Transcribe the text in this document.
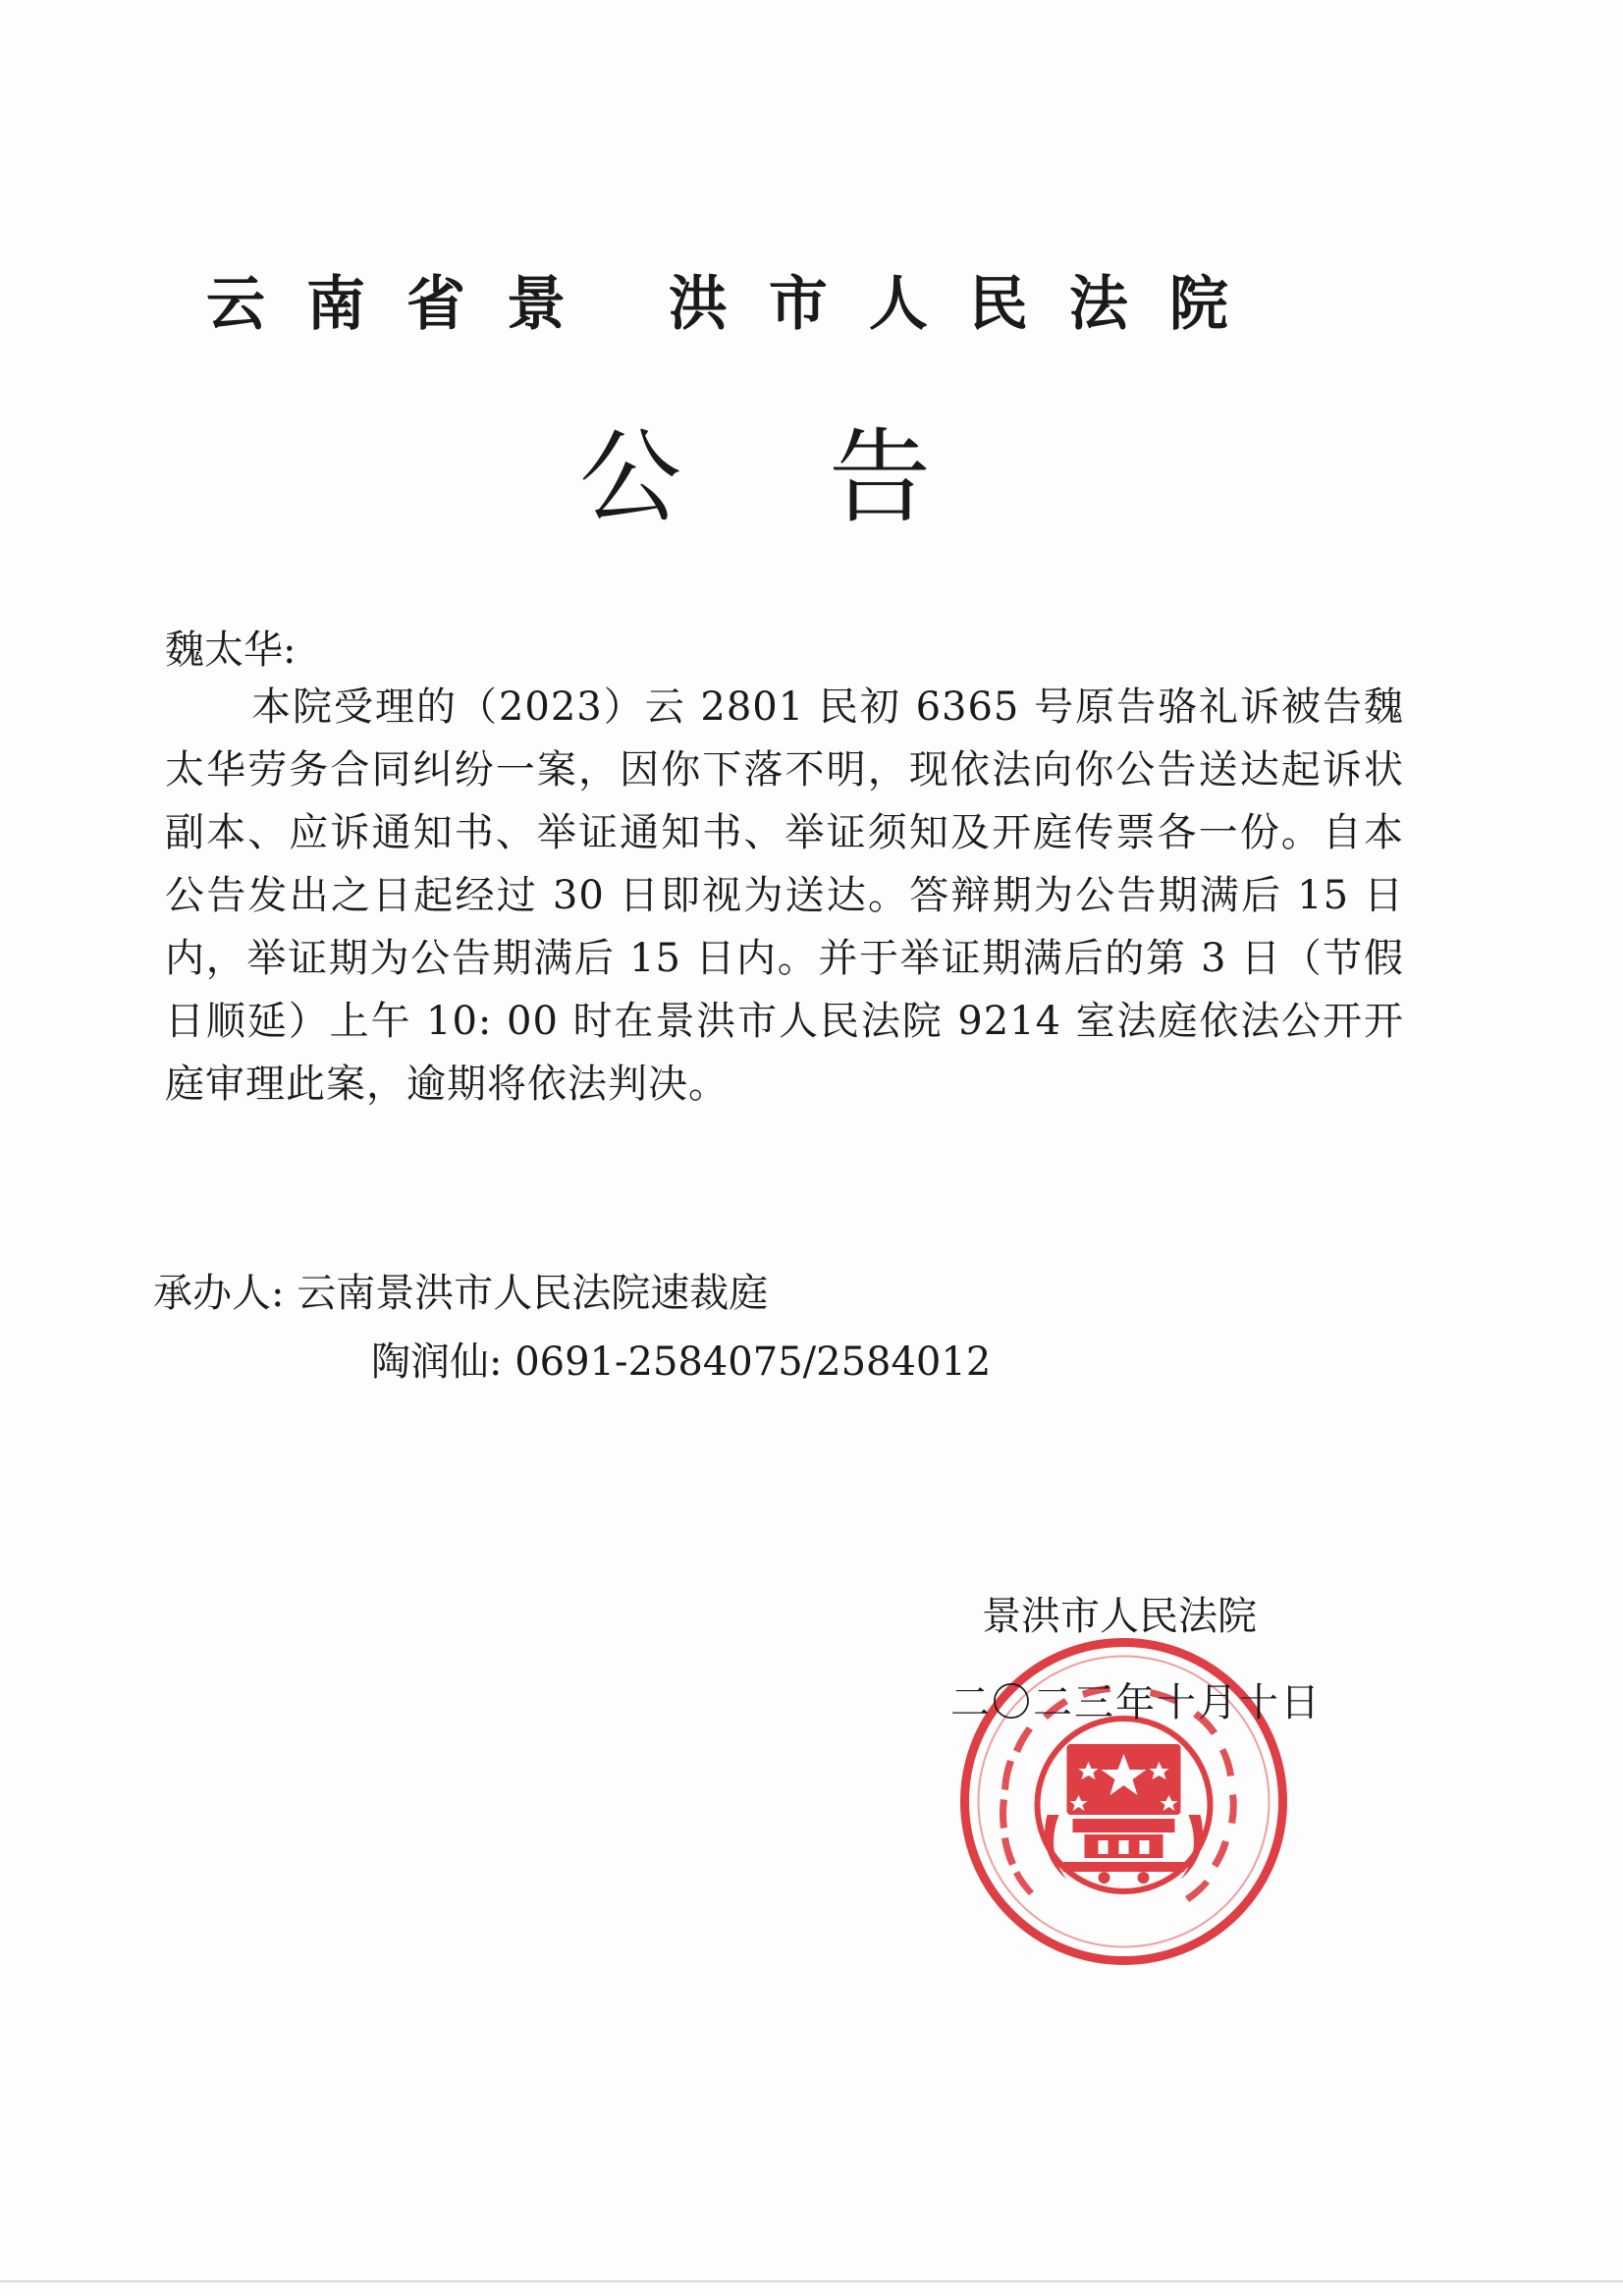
云南省景 洪市人民法院
公告
魏太华:
本院受理的（2023）云 2801 民初 6365 号原告骆礼诉被告魏太华劳务合同纠纷一案，因你下落不明，现依法向你公告送达起诉状副本、应诉通知书、举证通知书、举证须知及开庭传票各一份。自本公告发出之日起经过 30 日即视为送达。答辩期为公告期满后 15 日内，举证期为公告期满后 15 日内。并于举证期满后的第 3 日（节假日顺延）上午 10: 00 时在景洪市人民法院 9214 室法庭依法公开开庭审理此案，逾期将依法判决。
承办人: 云南景洪市人民法院速裁庭
陶润仙: 0691-2584075/2584012
景洪市人民法院
二〇二三年十月十日
